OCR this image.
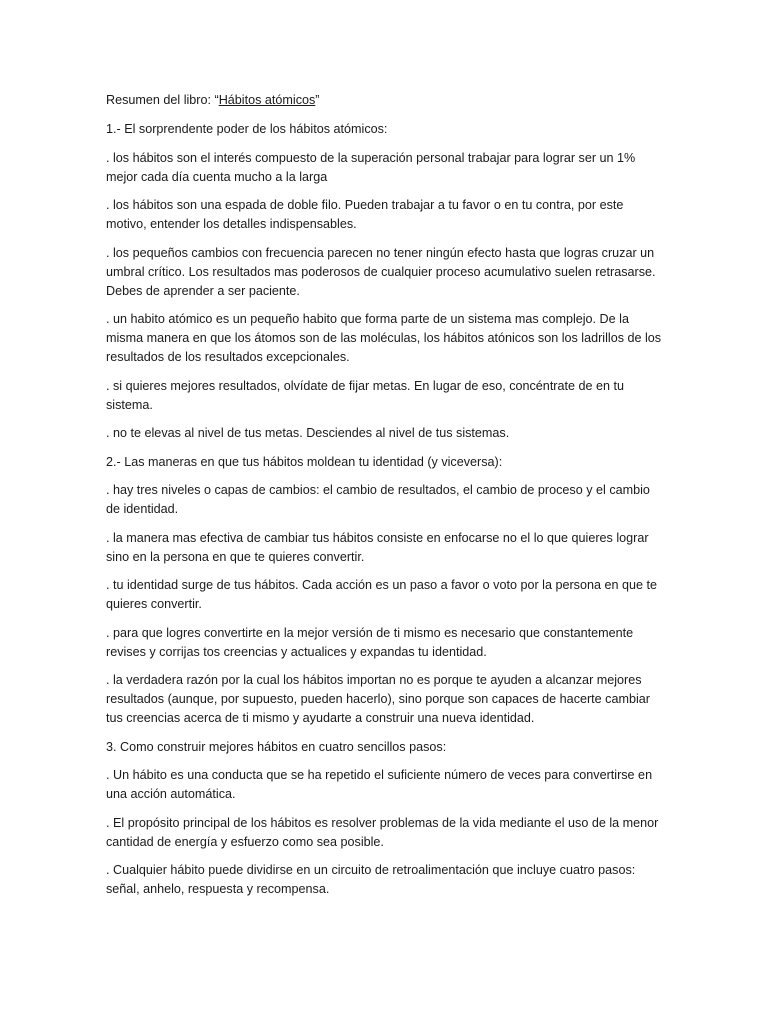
Resumen del libro: “Hábitos atómicos”

1.- El sorprendente poder de los hábitos atómicos:

. los hábitos son el interés compuesto de la superación personal trabajar para lograr ser un 1% mejor cada día cuenta mucho a la larga

. los hábitos son una espada de doble filo. Pueden trabajar a tu favor o en tu contra, por este motivo, entender los detalles indispensables.

. los pequeños cambios con frecuencia parecen no tener ningún efecto hasta que logras cruzar un umbral crítico. Los resultados mas poderosos de cualquier proceso acumulativo suelen retrasarse. Debes de aprender a ser paciente.

. un habito atómico es un pequeño habito que forma parte de un sistema mas complejo. De la misma manera en que los átomos son de las moléculas, los hábitos atónicos son los ladrillos de los resultados de los resultados excepcionales.

. si quieres mejores resultados, olvídate de fijar metas. En lugar de eso, concéntrate de en tu sistema.

. no te elevas al nivel de tus metas. Desciendes al nivel de tus sistemas.

2.- Las maneras en que tus hábitos moldean tu identidad (y viceversa):

. hay tres niveles o capas de cambios: el cambio de resultados, el cambio de proceso y el cambio de identidad.

. la manera mas efectiva de cambiar tus hábitos consiste en enfocarse no el lo que quieres lograr sino en la persona en que te quieres convertir.

. tu identidad surge de tus hábitos. Cada acción es un paso a favor o voto por la persona en que te quieres convertir.

. para que logres convertirte en la mejor versión de ti mismo es necesario que constantemente revises y corrijas tos creencias y actualices y expandas tu identidad.

. la verdadera razón por la cual los hábitos importan no es porque te ayuden a alcanzar mejores resultados (aunque, por supuesto, pueden hacerlo), sino porque son capaces de hacerte cambiar tus creencias acerca de ti mismo y ayudarte a construir una nueva identidad.

3. Como construir mejores hábitos en cuatro sencillos pasos:

. Un hábito es una conducta que se ha repetido el suficiente número de veces para convertirse en una acción automática.

. El propósito principal de los hábitos es resolver problemas de la vida mediante el uso de la menor cantidad de energía y esfuerzo como sea posible.

. Cualquier hábito puede dividirse en un circuito de retroalimentación que incluye cuatro pasos: señal, anhelo, respuesta y recompensa.
